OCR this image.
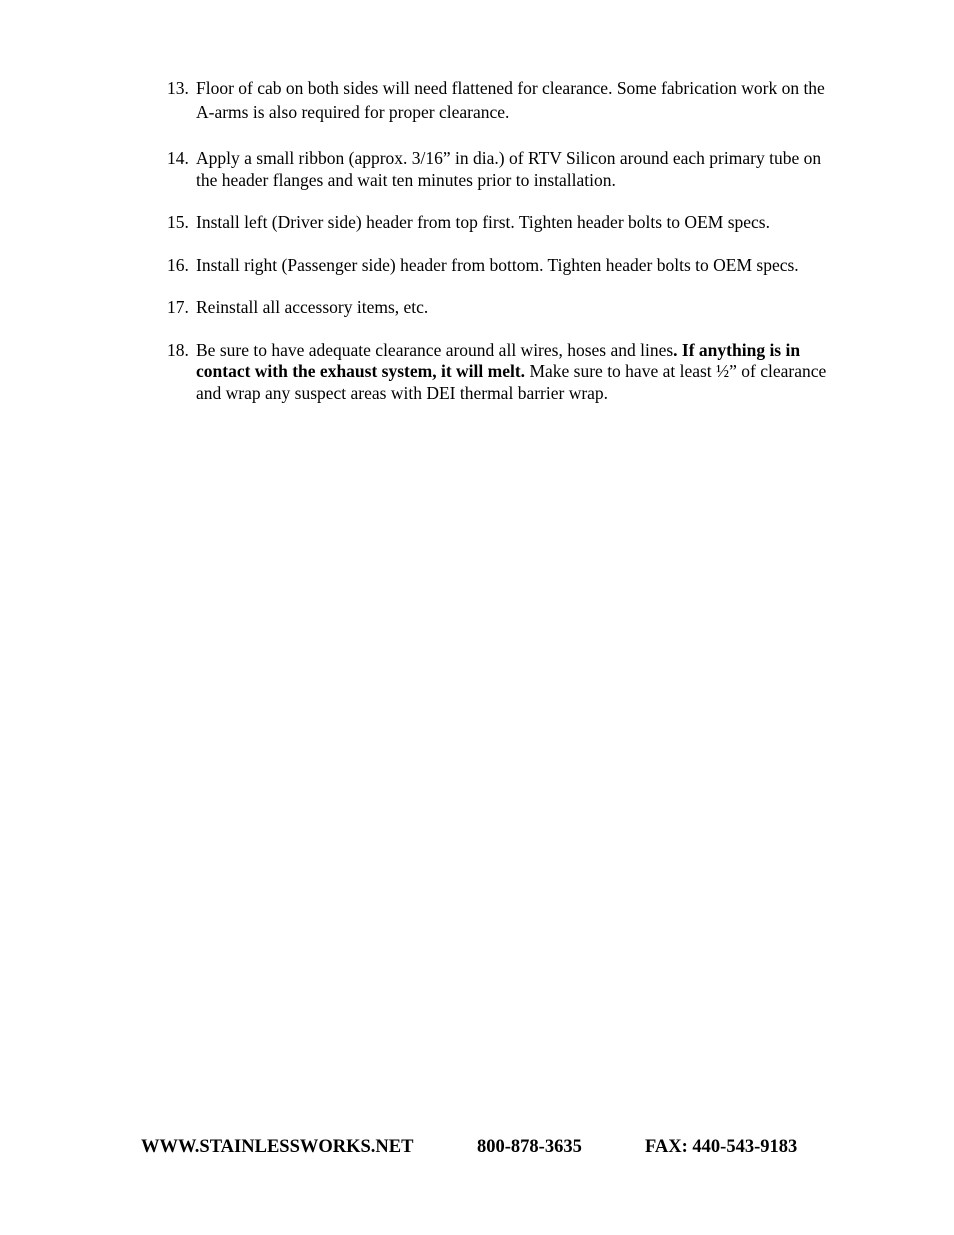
13. Floor of cab on both sides will need flattened for clearance. Some fabrication work on the A-arms is also required for proper clearance.
14. Apply a small ribbon (approx. 3/16” in dia.) of RTV Silicon around each primary tube on the header flanges and wait ten minutes prior to installation.
15. Install left (Driver side) header from top first. Tighten header bolts to OEM specs.
16. Install right (Passenger side) header from bottom. Tighten header bolts to OEM specs.
17. Reinstall all accessory items, etc.
18. Be sure to have adequate clearance around all wires, hoses and lines. If anything is in contact with the exhaust system, it will melt. Make sure to have at least ½” of clearance and wrap any suspect areas with DEI thermal barrier wrap.
WWW.STAINLESSWORKS.NET	800-878-3635	FAX: 440-543-9183
